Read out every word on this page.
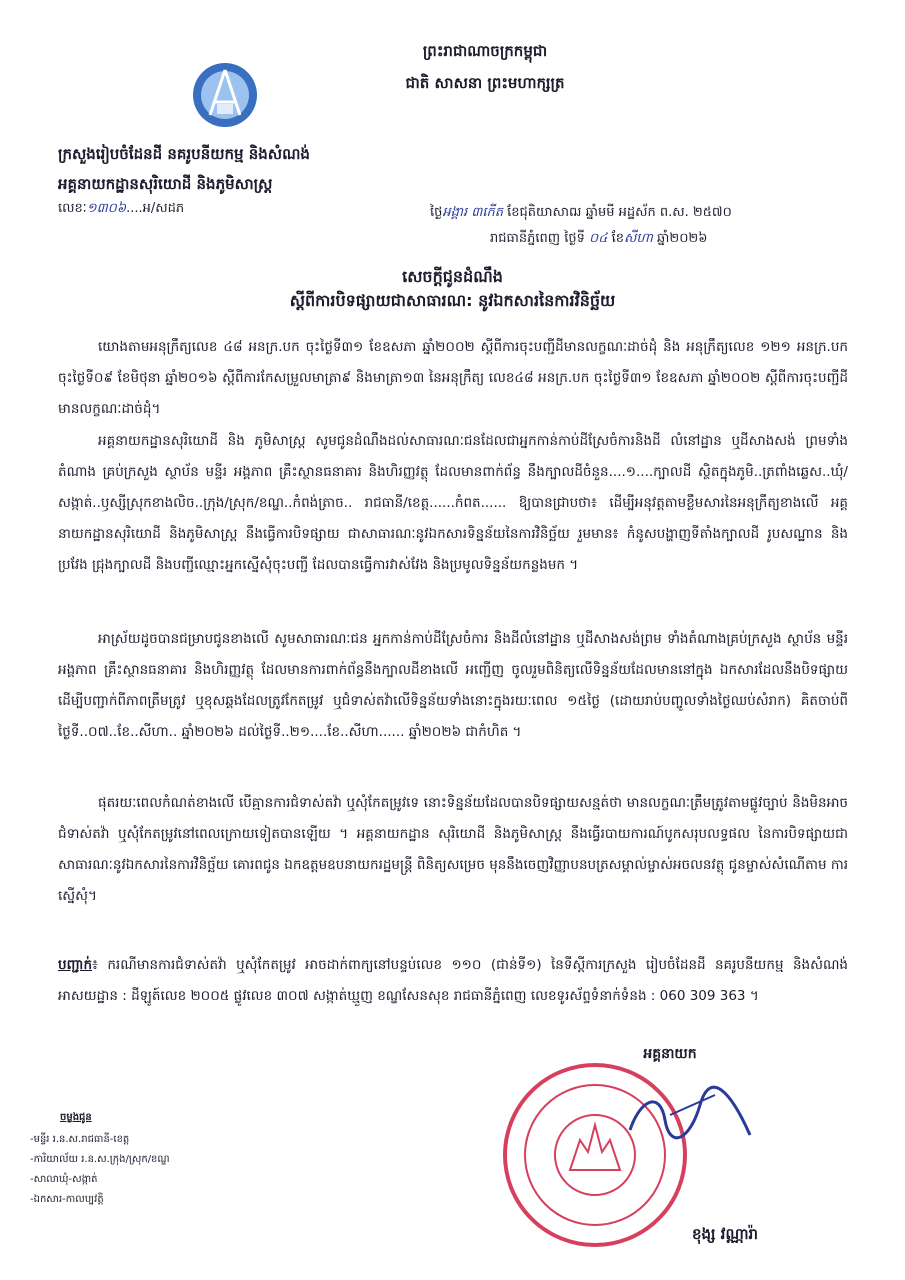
ព្រះរាជាណាចក្រកម្ពុជា
ជាតិ សាសនា ព្រះមហាក្សត្រ
ក្រសួងរៀបចំដែនដី នគរូបនីយកម្ម និងសំណង់
អគ្គនាយកដ្ឋានសុរិយោដី និងភូមិសាស្ត្រ
លេខៈ១៣០៦....អ/សដភ	ថ្ងៃអង្គារ ៣កើត ខែជុតិយាសាឍ ឆ្នាំមមី អដ្ឋស័ក ព.ស. ២៥៧០
រាជធានីភ្នំពេញ ថ្ងៃទី ០៤ ខែសីហា ឆ្នាំ២០២៦
សេចក្តីជូនដំណឹង
ស្តីពីការបិទផ្សាយជាសាធារណ: នូវឯកសារនៃការវិនិច្ឆ័យ
យោងតាមអនុក្រឹត្យលេខ ៤៨ អនក្រ.បក ចុះថ្ងៃទី៣១ ខែឧសភា ឆ្នាំ២០០២ ស្តីពីការចុះបញ្ជីដីមានលក្ខណៈដាច់ដុំ និង អនុក្រឹត្យលេខ ១២១ អនក្រ.បក ចុះថ្ងៃទី០៩ ខែមិថុនា ឆ្នាំ២០១៦ ស្តីពីការកែសម្រួលមាត្រា៩ និងមាត្រា១៣ នៃអនុក្រឹត្យ លេខ៤៨ អនក្រ.បក ចុះថ្ងៃទី៣១ ខែឧសភា ឆ្នាំ២០០២ ស្តីពីការចុះបញ្ជីដីមានលក្ខណៈដាច់ដុំ។
អគ្គនាយកដ្ឋានសុរិយោដី និង ភូមិសាស្ត្រ សូមជូនដំណឹងដល់សាធារណៈជនដែលជាអ្នកកាន់កាប់ដីស្រែចំការនិងដី លំនៅដ្ឋាន ឬដីសាងសង់ ព្រមទាំងតំណាង គ្រប់ក្រសួង ស្ថាប័ន មន្ទីរ អង្គភាព គ្រឹះស្ថានធនាគារ និងហិរញ្ញវត្ថុ ដែលមានពាក់ព័ន្ធ នឹងក្បាលដីចំនួន....១....ក្បាលដី ស្ថិតក្នុងភូមិ..ត្រពាំងឆ្លេស..ឃុំ/សង្កាត់..ឫស្សីស្រុកខាងលិច..ក្រុង/ស្រុក/ខណ្ឌ..កំពង់ត្រាច.. រាជធានី/ខេត្ត......កំពត...... ឱ្យបានជ្រាបថា៖ ដើម្បីអនុវត្តតាមខ្លឹមសារនៃអនុក្រឹត្យខាងលើ អគ្គនាយកដ្ឋានសុរិយោដី និងភូមិសាស្ត្រ នឹងធ្វើការបិទផ្សាយ ជាសាធារណៈនូវឯកសារទិន្នន័យនៃការវិនិច្ឆ័យ រួមមាន៖ កំនូសបង្ហាញទីតាំងក្បាលដី រូបសណ្ឋាន និងប្រវែង ជ្រុងក្បាលដី និងបញ្ជីឈ្មោះអ្នកស្នើសុំចុះបញ្ជី ដែលបានធ្វើការវាស់វែង និងប្រមូលទិន្នន័យកន្លងមក ។
អាស្រ័យដូចបានជម្រាបជូនខាងលើ សូមសាធារណៈជន អ្នកកាន់កាប់ដីស្រែចំការ និងដីលំនៅដ្ឋាន ឬដីសាងសង់ព្រម ទាំងតំណាងគ្រប់ក្រសួង ស្ថាប័ន មន្ទីរ អង្គភាព គ្រឹះស្ថានធនាគារ និងហិរញ្ញវត្ថុ ដែលមានការពាក់ព័ន្ធនឹងក្បាលដីខាងលើ អញ្ជើញ ចូលរួមពិនិត្យលើទិន្នន័យដែលមាននៅក្នុង ឯកសារដែលនឹងបិទផ្សាយ ដើម្បីបញ្ជាក់ពីភាពត្រឹមត្រូវ ឬខុសឆ្គងដែលត្រូវកែតម្រូវ ឬជំទាស់តវ៉ាលើទិន្នន័យទាំងនោះក្នុងរយៈពេល ១៥ថ្ងៃ (ដោយរាប់បញ្ចូលទាំងថ្ងៃឈប់សំរាក) គិតចាប់ពីថ្ងៃទី..០៧..ខែ..សីហា.. ឆ្នាំ២០២៦ ដល់ថ្ងៃទី..២១....ខែ..សីហា...... ឆ្នាំ២០២៦ ជាកំហិត ។
ផុតរយៈពេលកំណត់ខាងលើ បើគ្មានការជំទាស់តវ៉ា ឬសុំកែតម្រូវទេ នោះទិន្នន័យដែលបានបិទផ្សាយសន្មត់ថា មានលក្ខណៈត្រឹមត្រូវតាមផ្លូវច្បាប់ និងមិនអាចជំទាស់តវ៉ា ឬសុំកែតម្រូវនៅពេលក្រោយទៀតបានឡើយ ។ អគ្គនាយកដ្ឋាន សុរិយោដី និងភូមិសាស្ត្រ នឹងធ្វើរបាយការណ៍បូកសរុបលទ្ធផល នៃការបិទផ្សាយជាសាធារណៈនូវឯកសារនៃការវិនិច្ឆ័យ គោរពជូន ឯកឧត្តមឧបនាយករដ្ឋមន្ត្រី ពិនិត្យសម្រេច មុននឹងចេញវិញ្ញាបនបត្រសម្គាល់ម្ចាស់អចលនវត្ថុ ជូនម្ចាស់សំណើតាម ការស្នើសុំ។
បញ្ជាក់៖ ករណីមានការជំទាស់តវ៉ា ឬសុំកែតម្រូវ អាចដាក់ពាក្យនៅបន្ទប់លេខ ១១០ (ជាន់ទី១) នៃទីស្តីការក្រសួង រៀបចំដែនដី នគរូបនីយកម្ម និងសំណង់ អាសយដ្ឋាន : ដីឡូត៍លេខ ២០០៥ ផ្លូវលេខ ៣០៧ សង្កាត់ឃ្មួញ ខណ្ឌសែនសុខ រាជធានីភ្នំពេញ លេខទូរស័ព្ទទំនាក់ទំនង : 060 309 363 ។
ចម្លងជូន
-មន្ទីរ រ.ន.ស.រាជធានី-ខេត្ត
-ការិយាល័យ រ.ន.ស.ក្រុង/ស្រុក/ខណ្ឌ
-សាលាឃុំ-សង្កាត់
-ឯកសារ-កាលប្បវត្តិ
អគ្គនាយក
ខុង្ស វណ្ណារ៉ា
